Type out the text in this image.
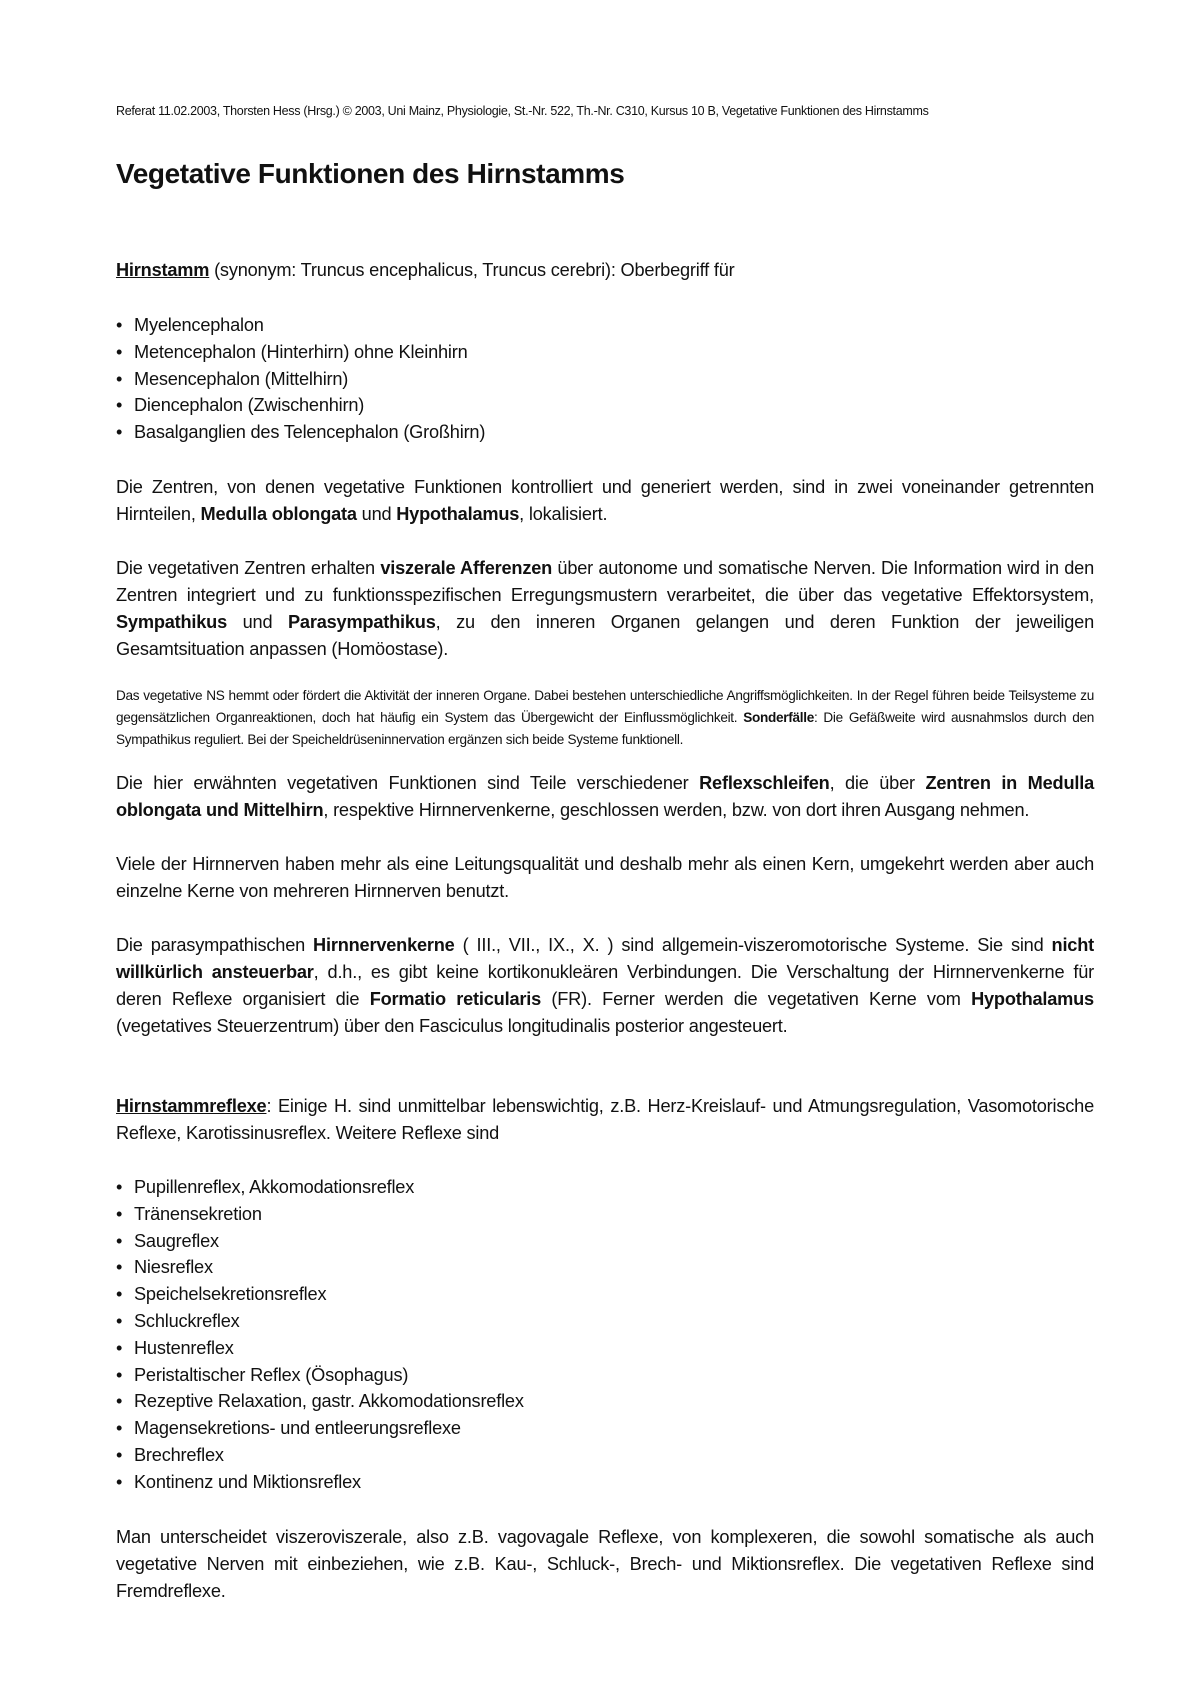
Referat 11.02.2003, Thorsten Hess (Hrsg.) © 2003, Uni Mainz, Physiologie, St.-Nr. 522, Th.-Nr. C310, Kursus 10 B, Vegetative Funktionen des Hirnstamms
Vegetative Funktionen des Hirnstamms

Hirnstamm (synonym: Truncus encephalicus, Truncus cerebri): Oberbegriff für

• Myelencephalon
• Metencephalon (Hinterhirn) ohne Kleinhirn
• Mesencephalon (Mittelhirn)
• Diencephalon (Zwischenhirn)
• Basalganglien des Telencephalon (Großhirn)

Die Zentren, von denen vegetative Funktionen kontrolliert und generiert werden, sind in zwei voneinander getrennten Hirnteilen, Medulla oblongata und Hypothalamus, lokalisiert.

Die vegetativen Zentren erhalten viszerale Afferenzen über autonome und somatische Nerven. Die Information wird in den Zentren integriert und zu funktionsspezifischen Erregungsmustern verarbeitet, die über das vegetative Effektorsystem, Sympathikus und Parasympathikus, zu den inneren Organen gelangen und deren Funktion der jeweiligen Gesamtsituation anpassen (Homöostase).

Das vegetative NS hemmt oder fördert die Aktivität der inneren Organe. Dabei bestehen unterschiedliche Angriffsmöglichkeiten. In der Regel führen beide Teilsysteme zu gegensätzlichen Organreaktionen, doch hat häufig ein System das Übergewicht der Einflussmöglichkeit. Sonderfälle: Die Gefäßweite wird ausnahmslos durch den Sympathikus reguliert. Bei der Speicheldrüseninnervation ergänzen sich beide Systeme funktionell.

Die hier erwähnten vegetativen Funktionen sind Teile verschiedener Reflexschleifen, die über Zentren in Medulla oblongata und Mittelhirn, respektive Hirnnervenkerne, geschlossen werden, bzw. von dort ihren Ausgang nehmen.

Viele der Hirnnerven haben mehr als eine Leitungsqualität und deshalb mehr als einen Kern, umgekehrt werden aber auch einzelne Kerne von mehreren Hirnnerven benutzt.

Die parasympathischen Hirnnervenkerne ( III., VII., IX., X. ) sind allgemein-viszeromotorische Systeme. Sie sind nicht willkürlich ansteuerbar, d.h., es gibt keine kortikonukleären Verbindungen. Die Verschaltung der Hirnnervenkerne für deren Reflexe organisiert die Formatio reticularis (FR). Ferner werden die vegetativen Kerne vom Hypothalamus (vegetatives Steuerzentrum) über den Fasciculus longitudinalis posterior angesteuert.

Hirnstammreflexe: Einige H. sind unmittelbar lebenswichtig, z.B. Herz-Kreislauf- und Atmungsregulation, Vasomotorische Reflexe, Karotissinusreflex. Weitere Reflexe sind

• Pupillenreflex, Akkomodationsreflex
• Tränensekretion
• Saugreflex
• Niesreflex
• Speichelsekretionsreflex
• Schluckreflex
• Hustenreflex
• Peristaltischer Reflex (Ösophagus)
• Rezeptive Relaxation, gastr. Akkomodationsreflex
• Magensekretions- und entleerungsreflexe
• Brechreflex
• Kontinenz und Miktionsreflex

Man unterscheidet viszeroviszerale, also z.B. vagovagale Reflexe, von komplexeren, die sowohl somatische als auch vegetative Nerven mit einbeziehen, wie z.B. Kau-, Schluck-, Brech- und Miktionsreflex. Die vegetativen Reflexe sind Fremdreflexe.
